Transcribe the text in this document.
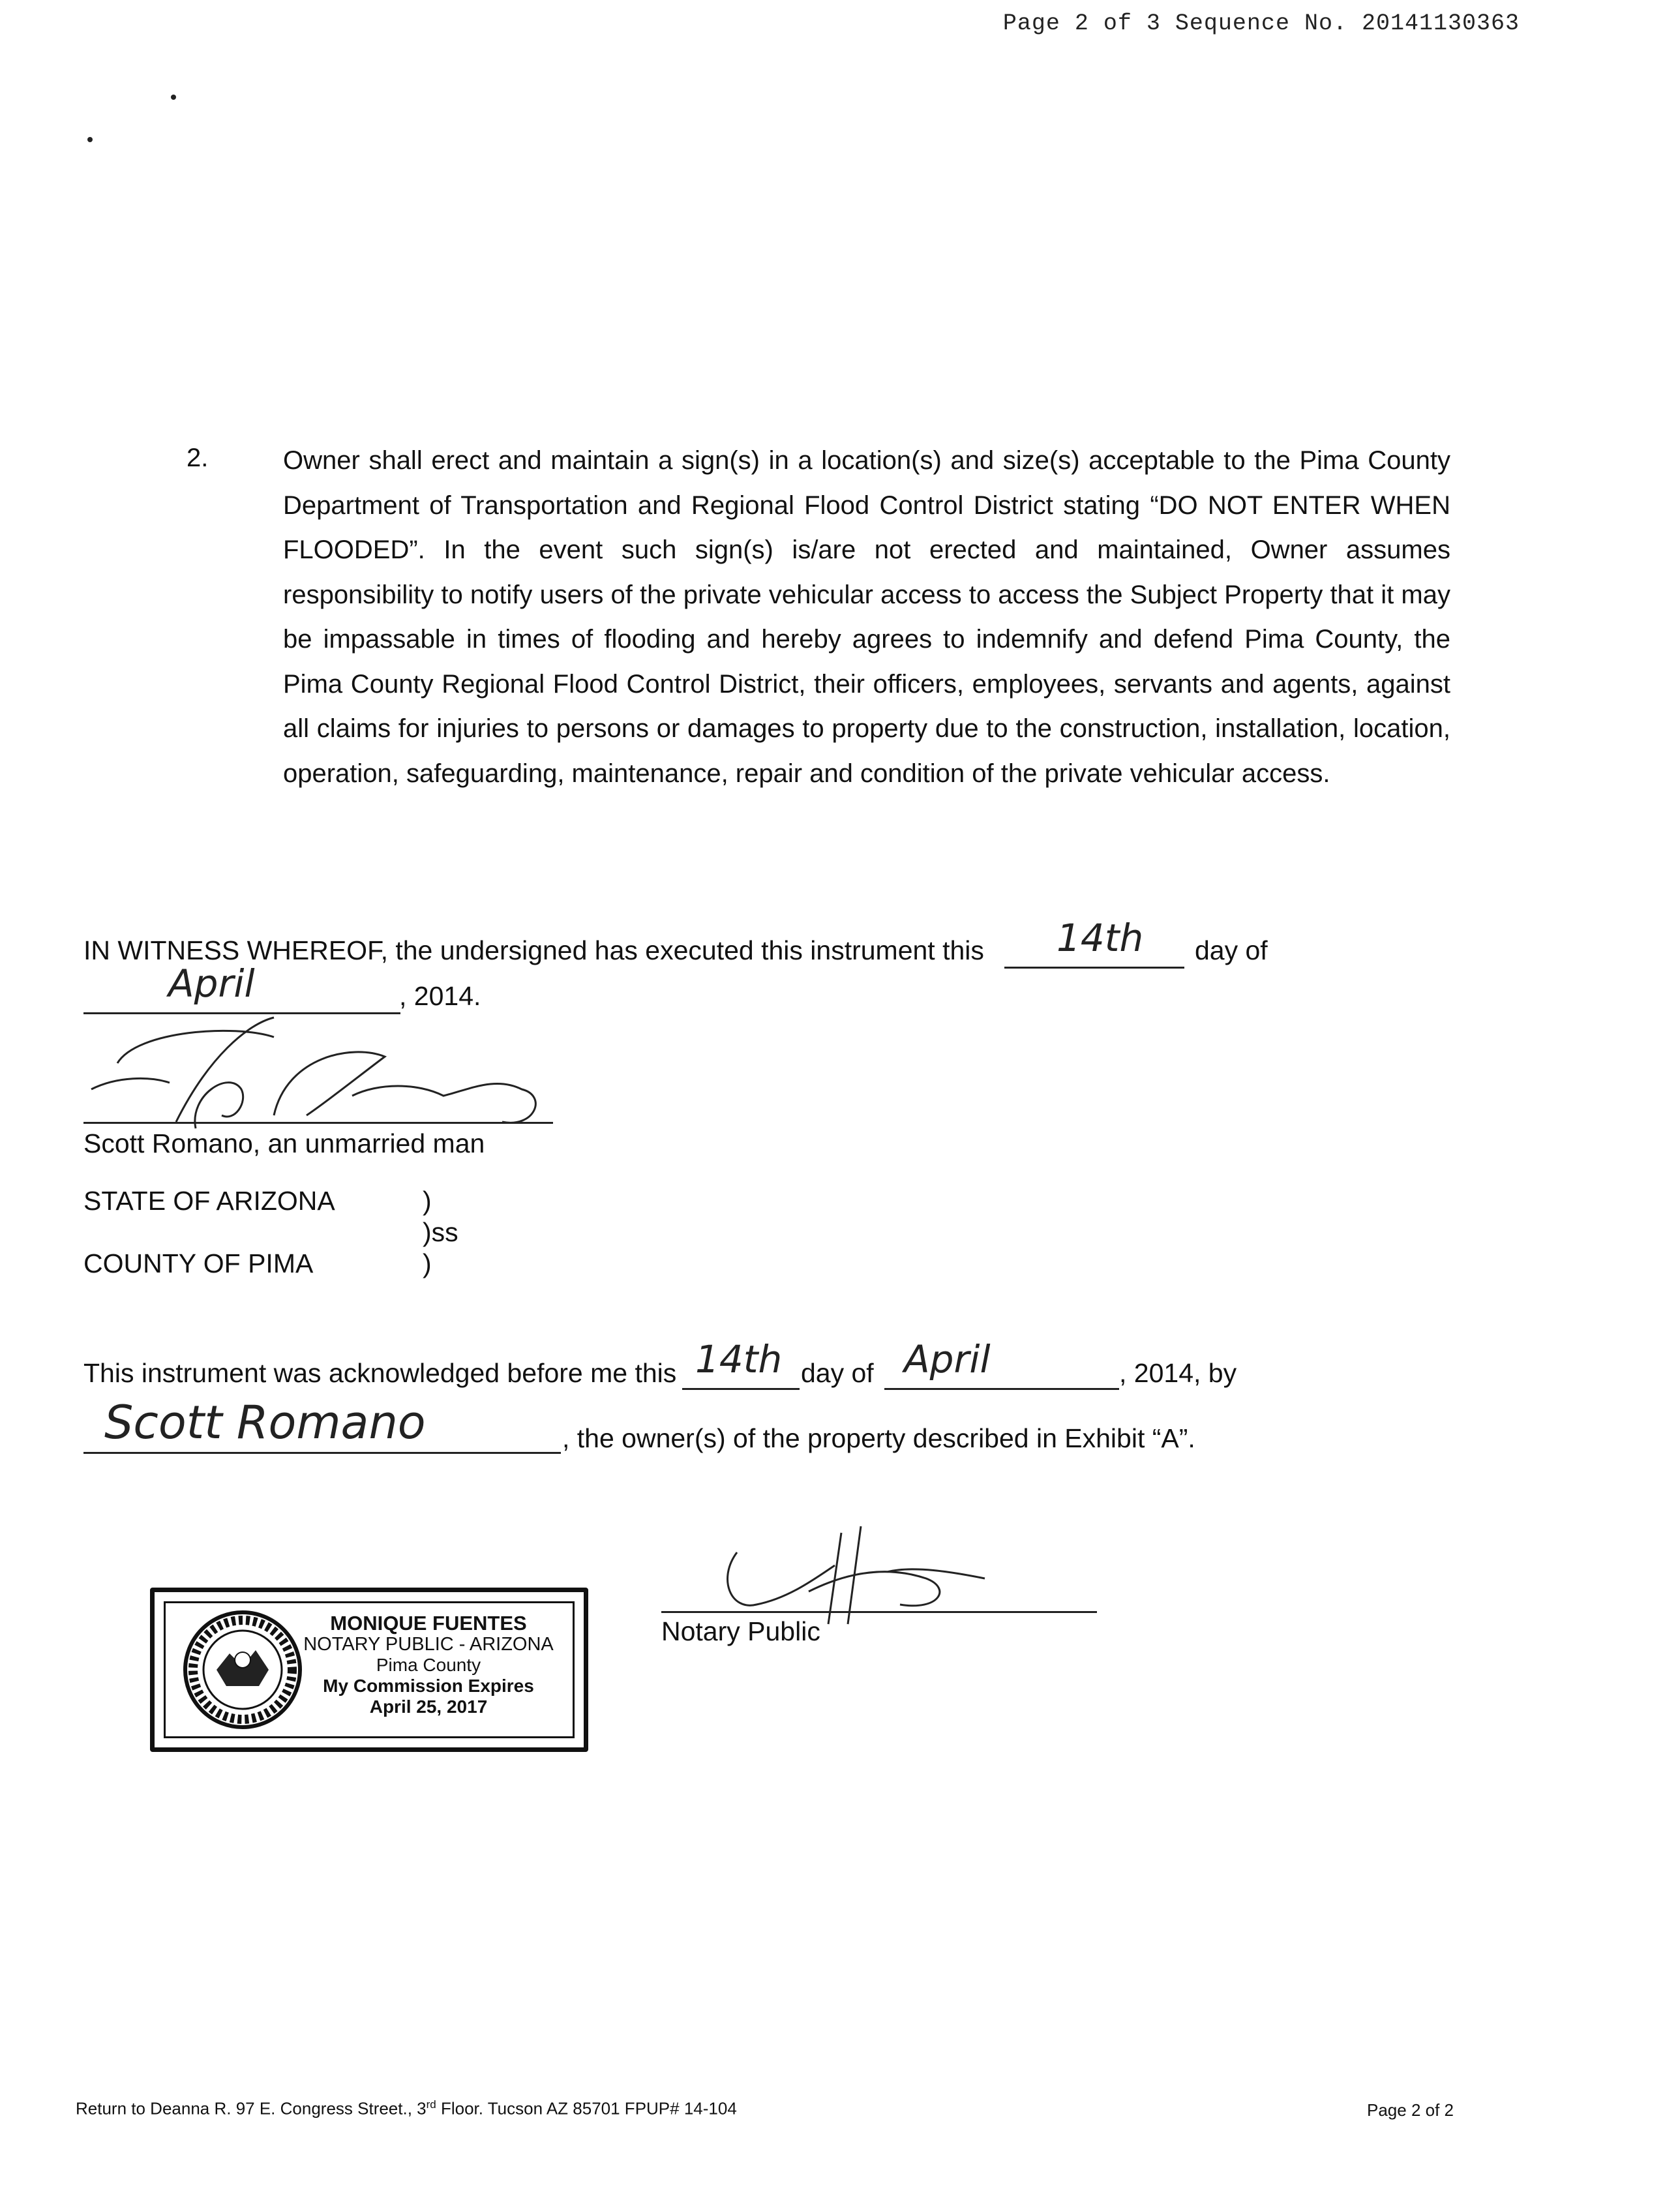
Page 2 of 3 Sequence No. 20141130363
2.	Owner shall erect and maintain a sign(s) in a location(s) and size(s) acceptable to the Pima County Department of Transportation and Regional Flood Control District stating “DO NOT ENTER WHEN FLOODED”. In the event such sign(s) is/are not erected and maintained, Owner assumes responsibility to notify users of the private vehicular access to access the Subject Property that it may be impassable in times of flooding and hereby agrees to indemnify and defend Pima County, the Pima County Regional Flood Control District, their officers, employees, servants and agents, against all claims for injuries to persons or damages to property due to the construction, installation, location, operation, safeguarding, maintenance, repair and condition of the private vehicular access.
IN WITNESS WHEREOF, the undersigned has executed this instrument this 14th day of
April	, 2014.
Scott Romano, an unmarried man
STATE OF ARIZONA	)
)ss
COUNTY OF PIMA	)
This instrument was acknowledged before me this 14th day of April	, 2014, by
Scott Romano	, the owner(s) of the property described in Exhibit “A”.
MONIQUE FUENTES
NOTARY PUBLIC - ARIZONA
Pima County
My Commission Expires
April 25, 2017
Notary Public
Return to Deanna R. 97 E. Congress Street., 3rd Floor. Tucson AZ 85701 FPUP# 14-104	Page 2 of 2
